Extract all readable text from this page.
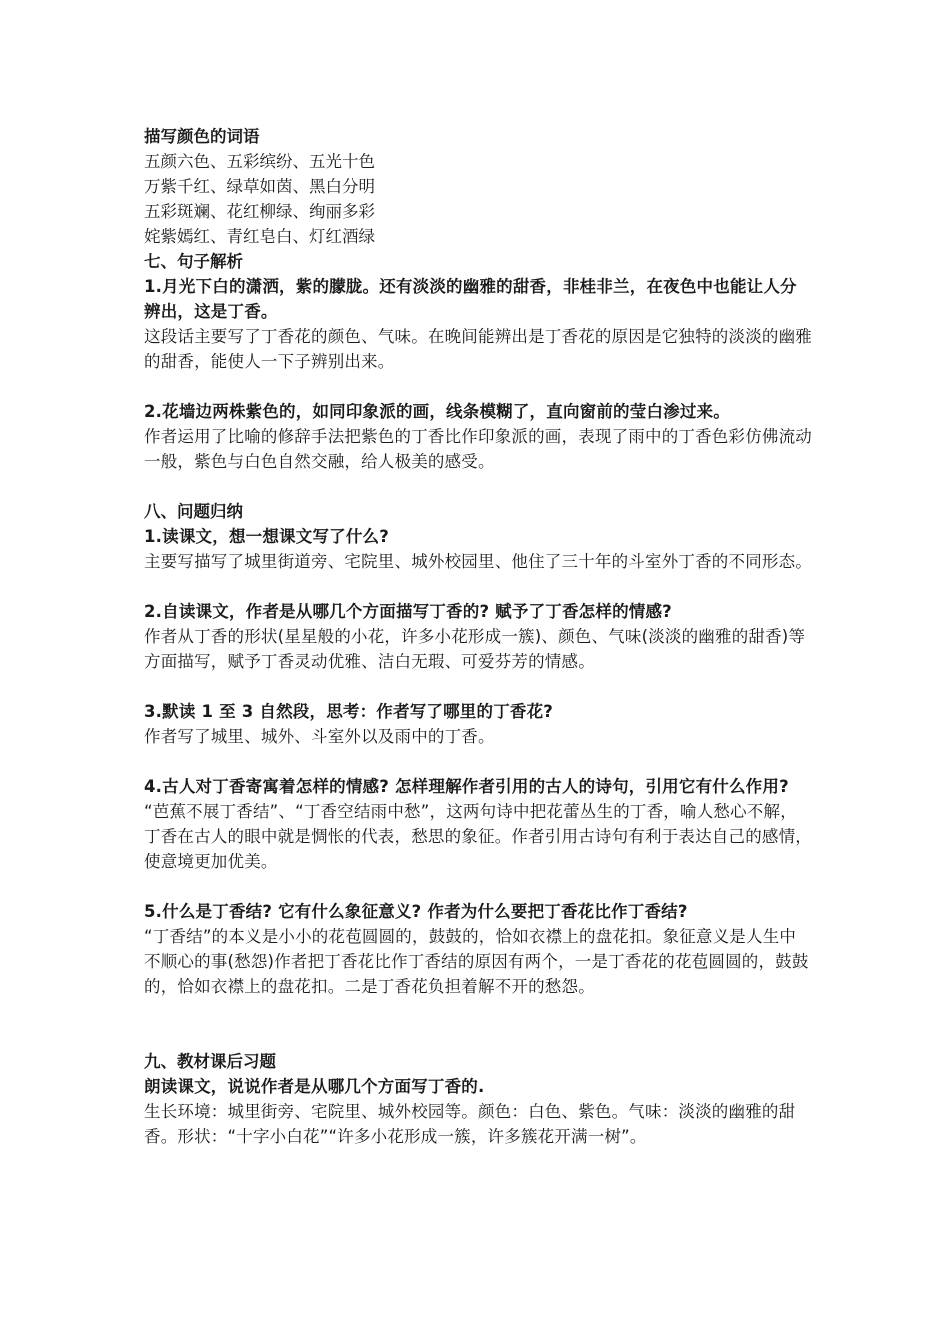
描写颜色的词语
五颜六色、五彩缤纷、五光十色
万紫千红、绿草如茵、黑白分明
五彩斑斓、花红柳绿、绚丽多彩
姹紫嫣红、青红皂白、灯红酒绿
七、句子解析
1.月光下白的潇洒，紫的朦胧。还有淡淡的幽雅的甜香，非桂非兰，在夜色中也能让人分辨出，这是丁香。
这段话主要写了丁香花的颜色、气味。在晚间能辨出是丁香花的原因是它独特的淡淡的幽雅的甜香，能使人一下子辨别出来。
2.花墙边两株紫色的，如同印象派的画，线条模糊了，直向窗前的莹白渗过来。
作者运用了比喻的修辞手法把紫色的丁香比作印象派的画，表现了雨中的丁香色彩仿佛流动一般，紫色与白色自然交融，给人极美的感受。
八、问题归纳
1.读课文，想一想课文写了什么?
主要写描写了城里街道旁、宅院里、城外校园里、他住了三十年的斗室外丁香的不同形态。
2.自读课文，作者是从哪几个方面描写丁香的? 赋予了丁香怎样的情感?
作者从丁香的形状(星星般的小花，许多小花形成一簇)、颜色、气味(淡淡的幽雅的甜香)等方面描写，赋予丁香灵动优雅、洁白无瑕、可爱芬芳的情感。
3.默读 1 至 3 自然段，思考：作者写了哪里的丁香花?
作者写了城里、城外、斗室外以及雨中的丁香。
4.古人对丁香寄寓着怎样的情感? 怎样理解作者引用的古人的诗句，引用它有什么作用?
“芭蕉不展丁香结”、“丁香空结雨中愁”，这两句诗中把花蕾丛生的丁香，喻人愁心不解，丁香在古人的眼中就是惆怅的代表，愁思的象征。作者引用古诗句有利于表达自己的感情，使意境更加优美。
5.什么是丁香结? 它有什么象征意义? 作者为什么要把丁香花比作丁香结?
“丁香结”的本义是小小的花苞圆圆的，鼓鼓的，恰如衣襟上的盘花扣。象征意义是人生中不顺心的事(愁怨)作者把丁香花比作丁香结的原因有两个，一是丁香花的花苞圆圆的，鼓鼓的，恰如衣襟上的盘花扣。二是丁香花负担着解不开的愁怨。
九、教材课后习题
朗读课文，说说作者是从哪几个方面写丁香的.
生长环境：城里街旁、宅院里、城外校园等。颜色：白色、紫色。气味：淡淡的幽雅的甜香。形状：“十字小白花”“许多小花形成一簇，许多簇花开满一树”。
